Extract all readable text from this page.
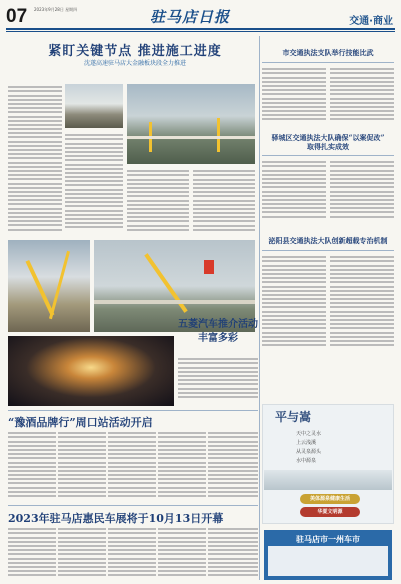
07 2023年9月28日 星期四	驻马店日报	交通·商业
紧盯关键节点 推进施工进度
沈遂高速驻马店大金融板块段全力推进
五菱汽车推介活动
丰富多彩
市交通执法支队举行技能比武
驿城区交通执法大队确保“以案促改”
取得扎实成效
泌阳县交通执法大队创新超载专治机制
平与嵩
天中之灵水
上云浅溪
从灵泉源头
水中源泉
美体源泉健康生活
华夏文明源
“豫酒品牌行”周口站活动开启
2023年驻马店惠民车展将于10月13日开幕
驻马店市一州车市
